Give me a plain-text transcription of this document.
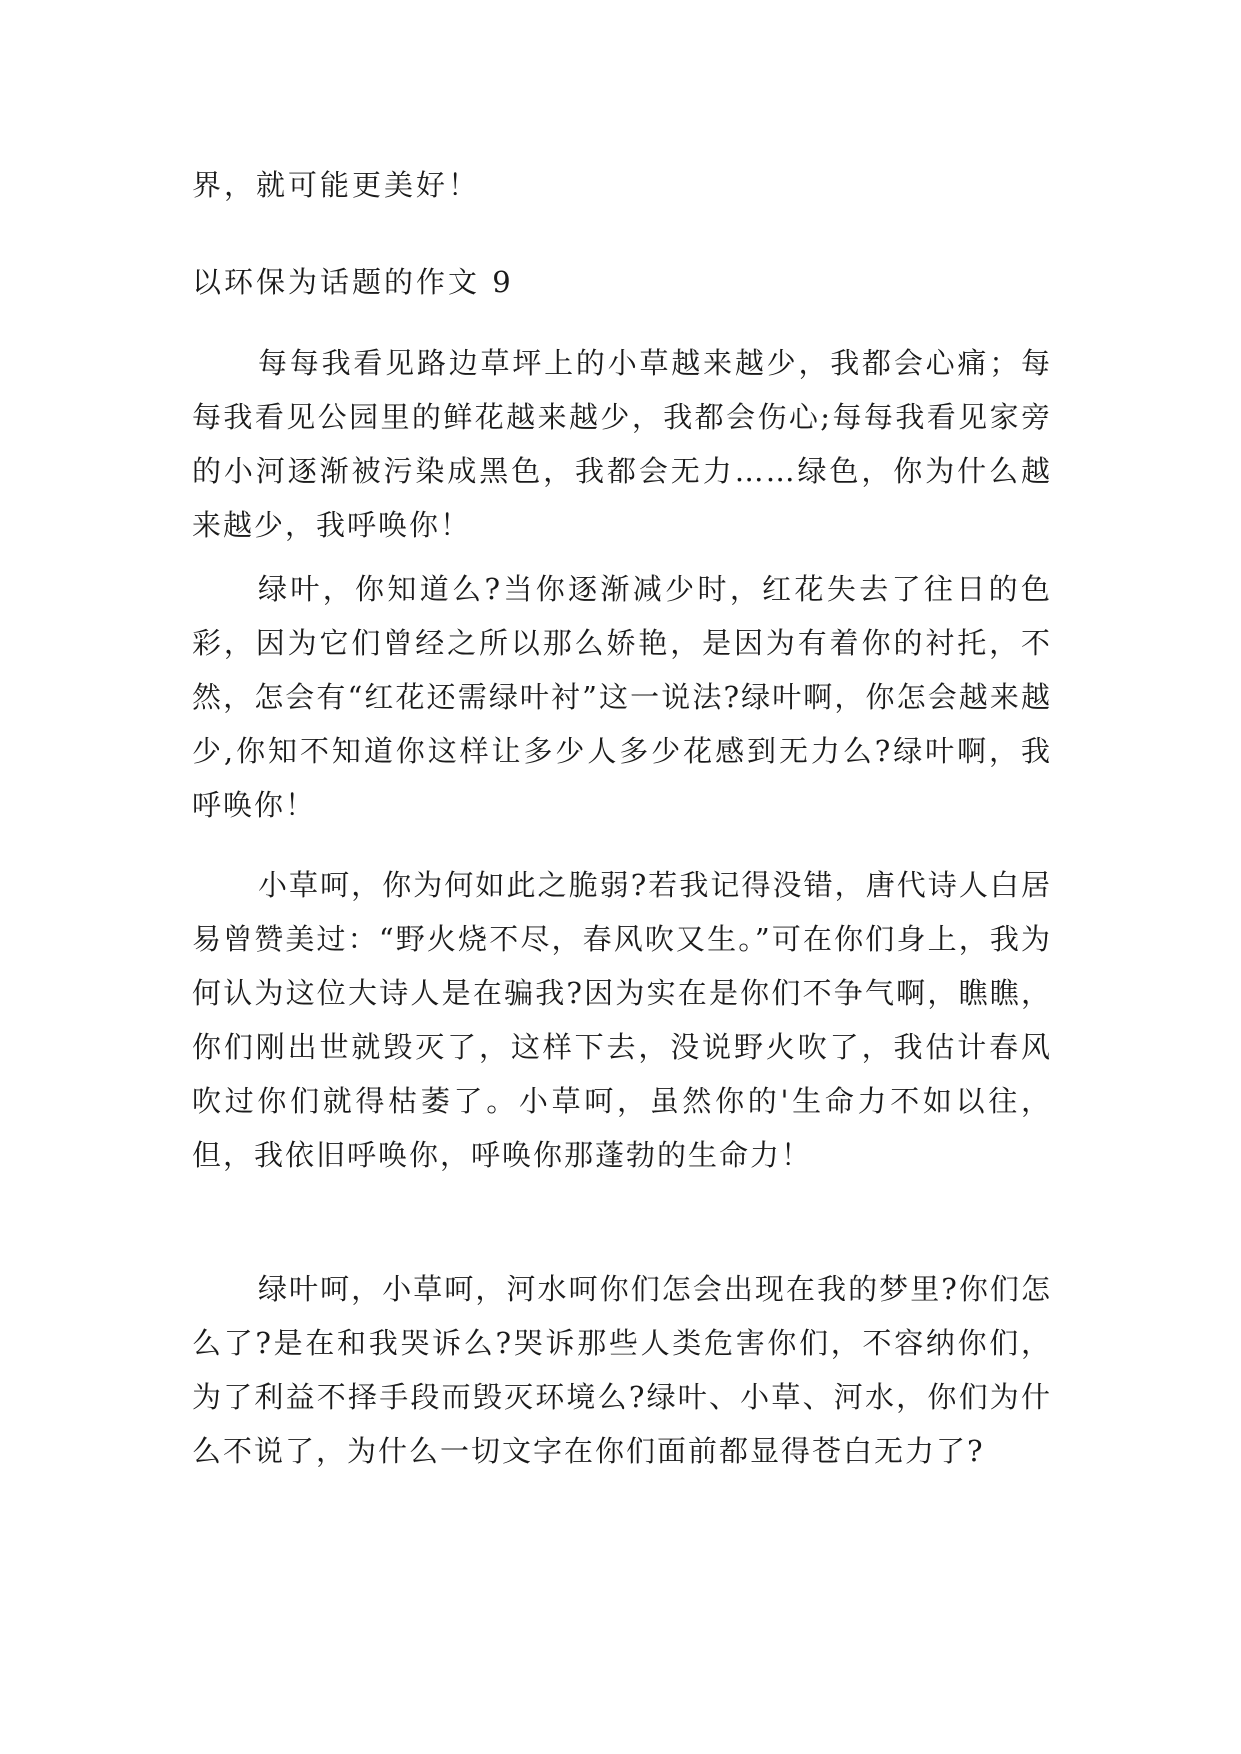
界，就可能更美好！

以环保为话题的作文 9

每每我看见路边草坪上的小草越来越少，我都会心痛；每每我看见公园里的鲜花越来越少，我都会伤心;每每我看见家旁的小河逐渐被污染成黑色，我都会无力……绿色，你为什么越来越少，我呼唤你！

绿叶，你知道么?当你逐渐减少时，红花失去了往日的色彩，因为它们曾经之所以那么娇艳，是因为有着你的衬托，不然，怎会有“红花还需绿叶衬”这一说法?绿叶啊，你怎会越来越少,你知不知道你这样让多少人多少花感到无力么?绿叶啊，我呼唤你！

小草呵，你为何如此之脆弱?若我记得没错，唐代诗人白居易曾赞美过：“野火烧不尽，春风吹又生。”可在你们身上，我为何认为这位大诗人是在骗我?因为实在是你们不争气啊，瞧瞧，你们刚出世就毁灭了，这样下去，没说野火吹了，我估计春风吹过你们就得枯萎了。小草呵，虽然你的'生命力不如以往，但，我依旧呼唤你，呼唤你那蓬勃的生命力！

绿叶呵，小草呵，河水呵你们怎会出现在我的梦里?你们怎么了?是在和我哭诉么?哭诉那些人类危害你们，不容纳你们，为了利益不择手段而毁灭环境么?绿叶、小草、河水，你们为什么不说了，为什么一切文字在你们面前都显得苍白无力了?
